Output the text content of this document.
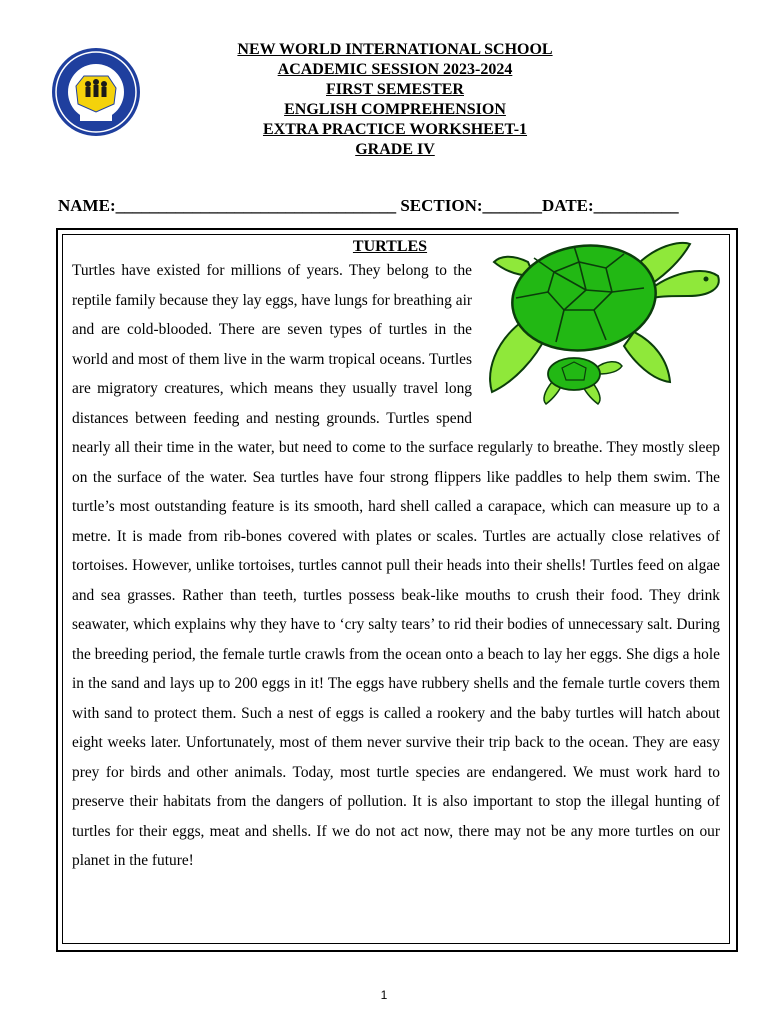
NEW WORLD INTERNATIONAL SCHOOL
ACADEMIC SESSION 2023-2024
FIRST SEMESTER
ENGLISH COMPREHENSION
EXTRA PRACTICE WORKSHEET-1
GRADE IV
NAME:_________________________________ SECTION:_______DATE:__________
TURTLES
Turtles have existed for millions of years. They belong to the reptile family because they lay eggs, have lungs for breathing air and are cold-blooded. There are seven types of turtles in the world and most of them live in the warm tropical oceans. Turtles are migratory creatures, which means they usually travel long distances between feeding and nesting grounds. Turtles spend nearly all their time in the water, but need to come to the surface regularly to breathe. They mostly sleep on the surface of the water. Sea turtles have four strong flippers like paddles to help them swim. The turtle’s most outstanding feature is its smooth, hard shell called a carapace, which can measure up to a metre. It is made from rib-bones covered with plates or scales. Turtles are actually close relatives of tortoises. However, unlike tortoises, turtles cannot pull their heads into their shells! Turtles feed on algae and sea grasses. Rather than teeth, turtles possess beak-like mouths to crush their food. They drink seawater, which explains why they have to ‘cry salty tears’ to rid their bodies of unnecessary salt. During the breeding period, the female turtle crawls from the ocean onto a beach to lay her eggs. She digs a hole in the sand and lays up to 200 eggs in it! The eggs have rubbery shells and the female turtle covers them with sand to protect them. Such a nest of eggs is called a rookery and the baby turtles will hatch about eight weeks later. Unfortunately, most of them never survive their trip back to the ocean. They are easy prey for birds and other animals. Today, most turtle species are endangered. We must work hard to preserve their habitats from the dangers of pollution. It is also important to stop the illegal hunting of turtles for their eggs, meat and shells. If we do not act now, there may not be any more turtles on our planet in the future!
1
